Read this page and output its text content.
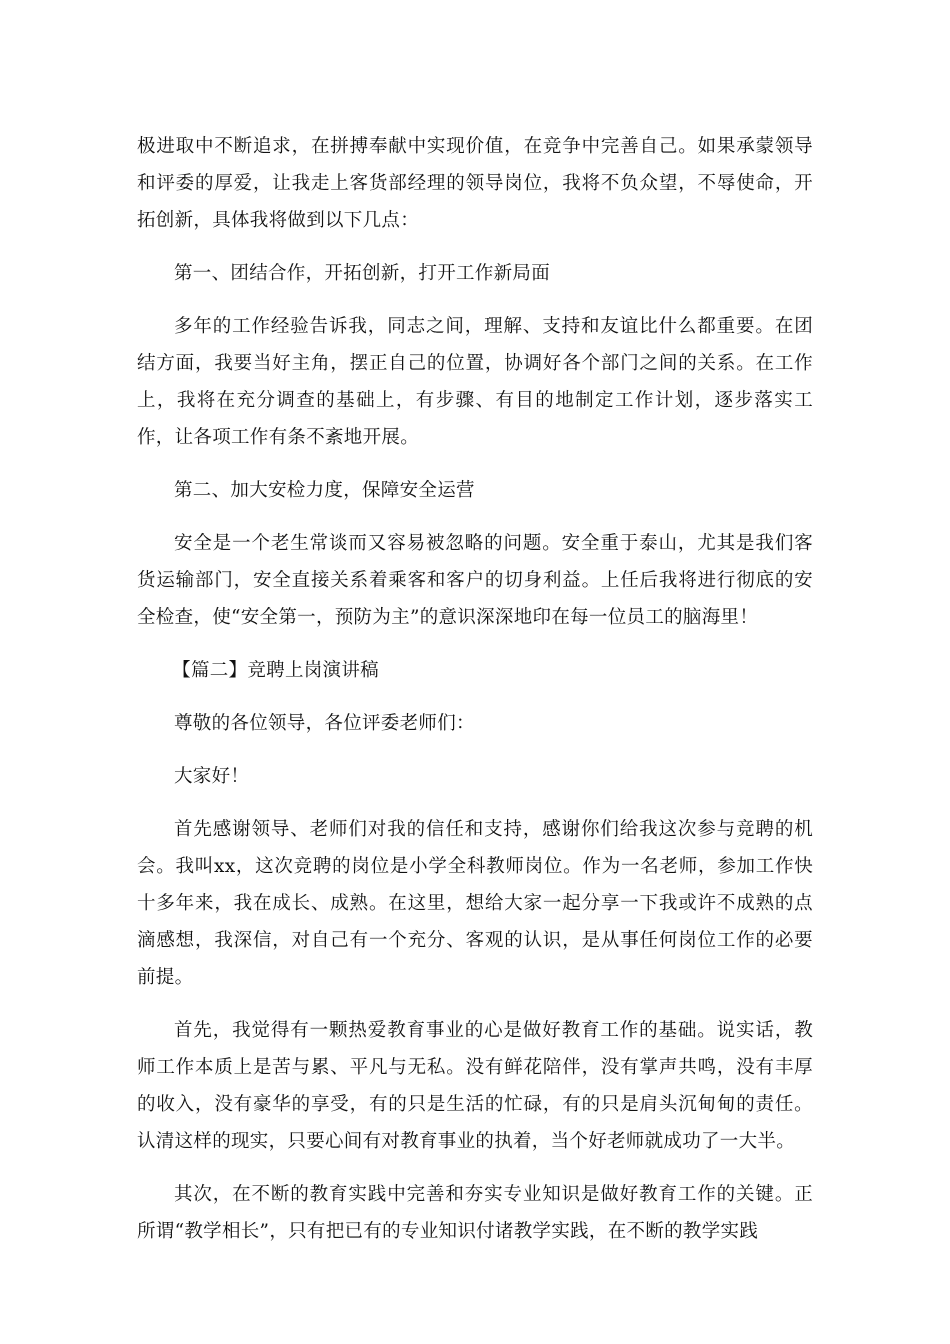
极进取中不断追求，在拼搏奉献中实现价值，在竞争中完善自己。如果承蒙领导和评委的厚爱，让我走上客货部经理的领导岗位，我将不负众望，不辱使命，开拓创新，具体我将做到以下几点：

第一、团结合作，开拓创新，打开工作新局面

多年的工作经验告诉我，同志之间，理解、支持和友谊比什么都重要。在团结方面，我要当好主角，摆正自己的位置，协调好各个部门之间的关系。在工作上，我将在充分调查的基础上，有步骤、有目的地制定工作计划，逐步落实工作，让各项工作有条不紊地开展。

第二、加大安检力度，保障安全运营

安全是一个老生常谈而又容易被忽略的问题。安全重于泰山，尤其是我们客货运输部门，安全直接关系着乘客和客户的切身利益。上任后我将进行彻底的安全检查，使“安全第一，预防为主”的意识深深地印在每一位员工的脑海里！

【篇二】竞聘上岗演讲稿

尊敬的各位领导，各位评委老师们：

大家好！

首先感谢领导、老师们对我的信任和支持，感谢你们给我这次参与竞聘的机会。我叫xx，这次竞聘的岗位是小学全科教师岗位。作为一名老师，参加工作快十多年来，我在成长、成熟。在这里，想给大家一起分享一下我或许不成熟的点滴感想，我深信，对自己有一个充分、客观的认识，是从事任何岗位工作的必要前提。

首先，我觉得有一颗热爱教育事业的心是做好教育工作的基础。说实话，教师工作本质上是苦与累、平凡与无私。没有鲜花陪伴，没有掌声共鸣，没有丰厚的收入，没有豪华的享受，有的只是生活的忙碌，有的只是肩头沉甸甸的责任。认清这样的现实，只要心间有对教育事业的执着，当个好老师就成功了一大半。

其次，在不断的教育实践中完善和夯实专业知识是做好教育工作的关键。正所谓“教学相长”，只有把已有的专业知识付诸教学实践，在不断的教学实践
